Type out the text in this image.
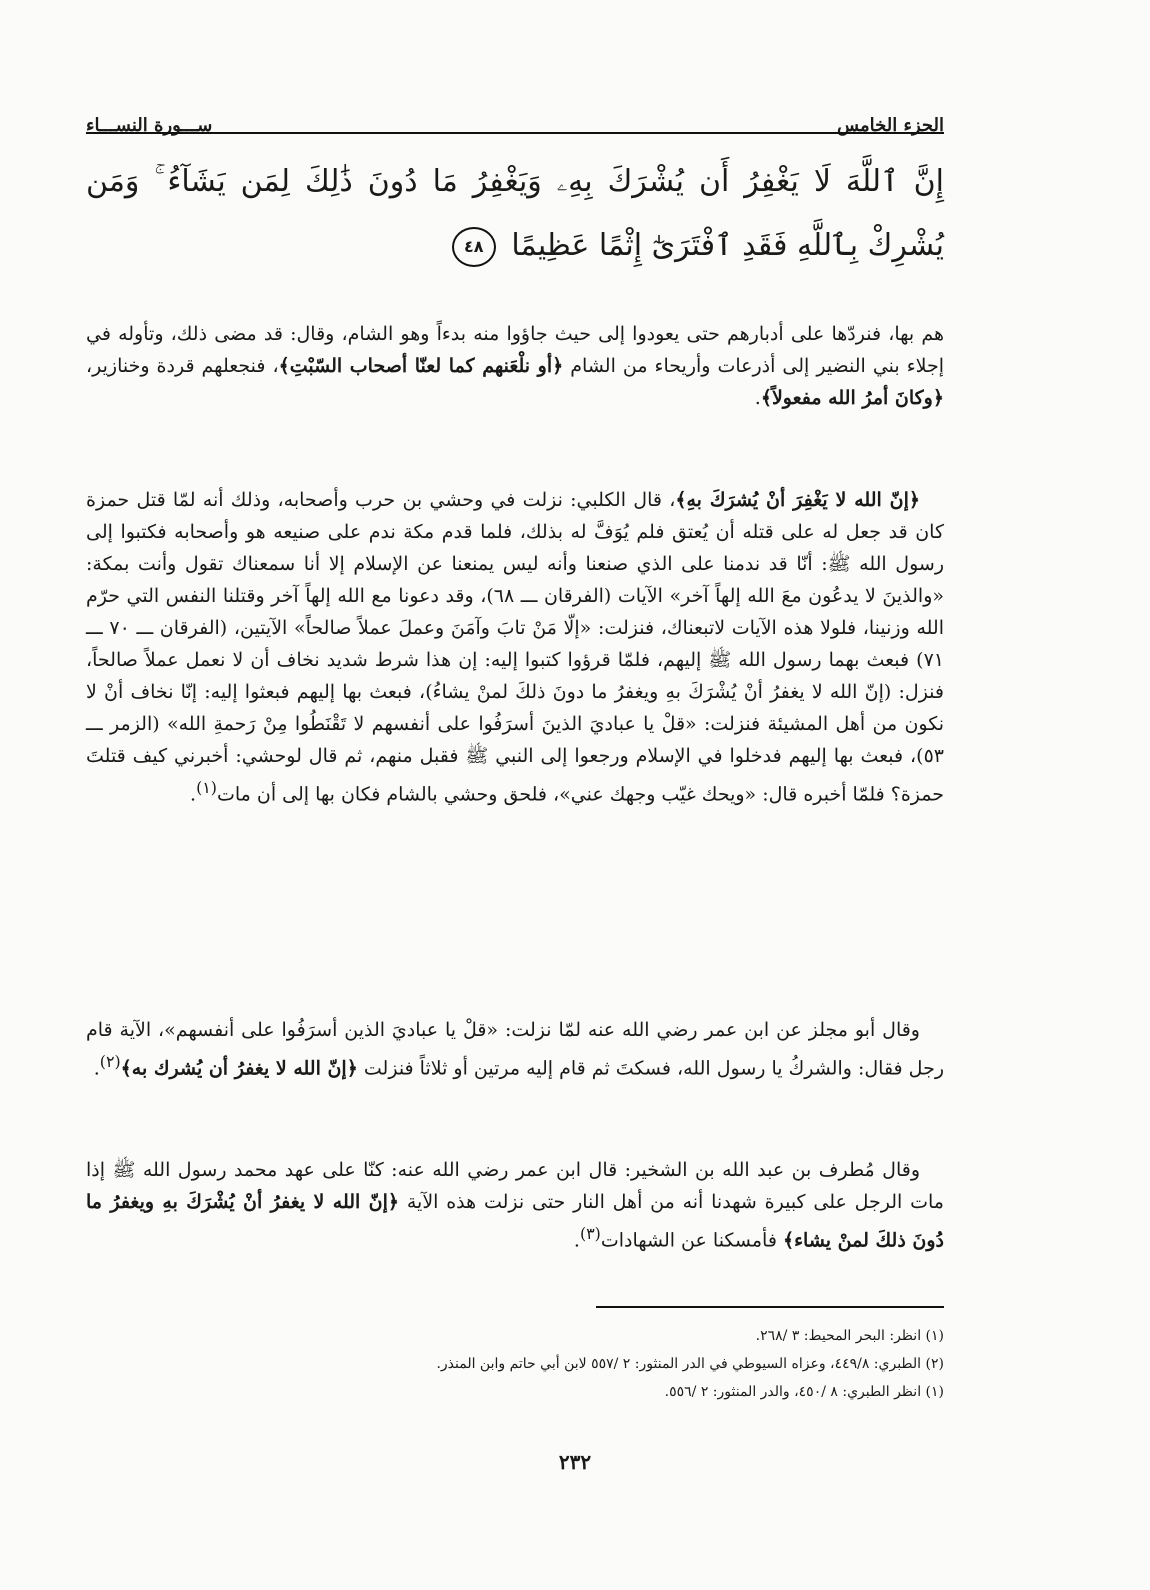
الجزء الخامس
ســـورة النســـاء
إِنَّ ٱللَّهَ لَا يَغْفِرُ أَن يُشْرَكَ بِهِۦ وَيَغْفِرُ مَا دُونَ ذَٰلِكَ لِمَن يَشَآءُ ۚ وَمَن يُشْرِكْ بِٱللَّهِ فَقَدِ ٱفْتَرَىٰٓ إِثْمًا عَظِيمًا
٤٨

هم بها، فنردّها على أدبارهم حتى يعودوا إلى حيث جاؤوا منه بدءاً وهو الشام، وقال: قد مضى ذلك، وتأوله في إجلاء بني النضير إلى أذرعات وأريحاء من الشام ﴿أو نلْعَنهم كما لعنّا أصحاب السّبْتِ﴾، فنجعلهم قردة وخنازير، ﴿وكانَ أمرُ الله مفعولاً﴾.

﴿إنّ الله لا يَغْفِرَ أنْ يُشرَكَ بهِ﴾، قال الكلبي: نزلت في وحشي بن حرب وأصحابه، وذلك أنه لمّا قتل حمزة كان قد جعل له على قتله أن يُعتق فلم يُوَفَّ له بذلك، فلما قدم مكة ندم على صنيعه هو وأصحابه فكتبوا إلى رسول الله ﷺ: أنّا قد ندمنا على الذي صنعنا وأنه ليس يمنعنا عن الإسلام إلا أنا سمعناك تقول وأنت بمكة: «والذينَ لا يدعُون معَ الله إلهاً آخر» الآيات (الفرقان ـــ ٦٨)، وقد دعونا مع الله إلهاً آخر وقتلنا النفس التي حرّم الله وزنينا، فلولا هذه الآيات لاتبعناك، فنزلت: «إلّا مَنْ تابَ وآمَنَ وعملَ عملاً صالحاً» الآيتين، (الفرقان ـــ ٧٠ ـــ ٧١) فبعث بهما رسول الله ﷺ إليهم، فلمّا قرؤوا كتبوا إليه: إن هذا شرط شديد نخاف أن لا نعمل عملاً صالحاً، فنزل: (إنّ الله لا يغفرُ أنْ يُشْرَكَ بهِ ويغفرُ ما دونَ ذلكَ لمنْ يشاءُ)، فبعث بها إليهم فبعثوا إليه: إنّا نخاف أنْ لا نكون من أهل المشيئة فنزلت: «قلْ يا عباديَ الذينَ أسرَفُوا على أنفسهم لا تَقْنَطُوا مِنْ رَحمةِ الله» (الزمر ـــ ٥٣)، فبعث بها إليهم فدخلوا في الإسلام ورجعوا إلى النبي ﷺ فقبل منهم، ثم قال لوحشي: أخبرني كيف قتلتَ حمزة؟ فلمّا أخبره قال: «ويحك غيّب وجهك عني»، فلحق وحشي بالشام فكان بها إلى أن مات$^{(١)}$.

وقال أبو مجلز عن ابن عمر رضي الله عنه لمّا نزلت: «قلْ يا عباديَ الذين أسرَفُوا على أنفسهم»، الآية قام رجل فقال: والشركُ يا رسول الله، فسكتَ ثم قام إليه مرتين أو ثلاثاً فنزلت ﴿إنّ الله لا يغفرُ أن يُشرك به﴾$^{(٢)}$.

وقال مُطرف بن عبد الله بن الشخير: قال ابن عمر رضي الله عنه: كنّا على عهد محمد رسول الله ﷺ إذا مات الرجل على كبيرة شهدنا أنه من أهل النار حتى نزلت هذه الآية ﴿إنّ الله لا يغفرُ أنْ يُشْرَكَ بهِ ويغفرُ ما دُونَ ذلكَ لمنْ يشاء﴾ فأمسكنا عن الشهادات$^{(٣)}$.

(١) انظر: البحر المحيط: ٣ /٢٦٨.
(٢) الطبري: ٤٤٩/٨، وعزاه السيوطي في الدر المنثور: ٢ /٥٥٧ لابن أبي حاتم وابن المنذر.
(١) انظر الطبري: ٨ /٤٥٠، والدر المنثور: ٢ /٥٥٦.
٢٣٢
